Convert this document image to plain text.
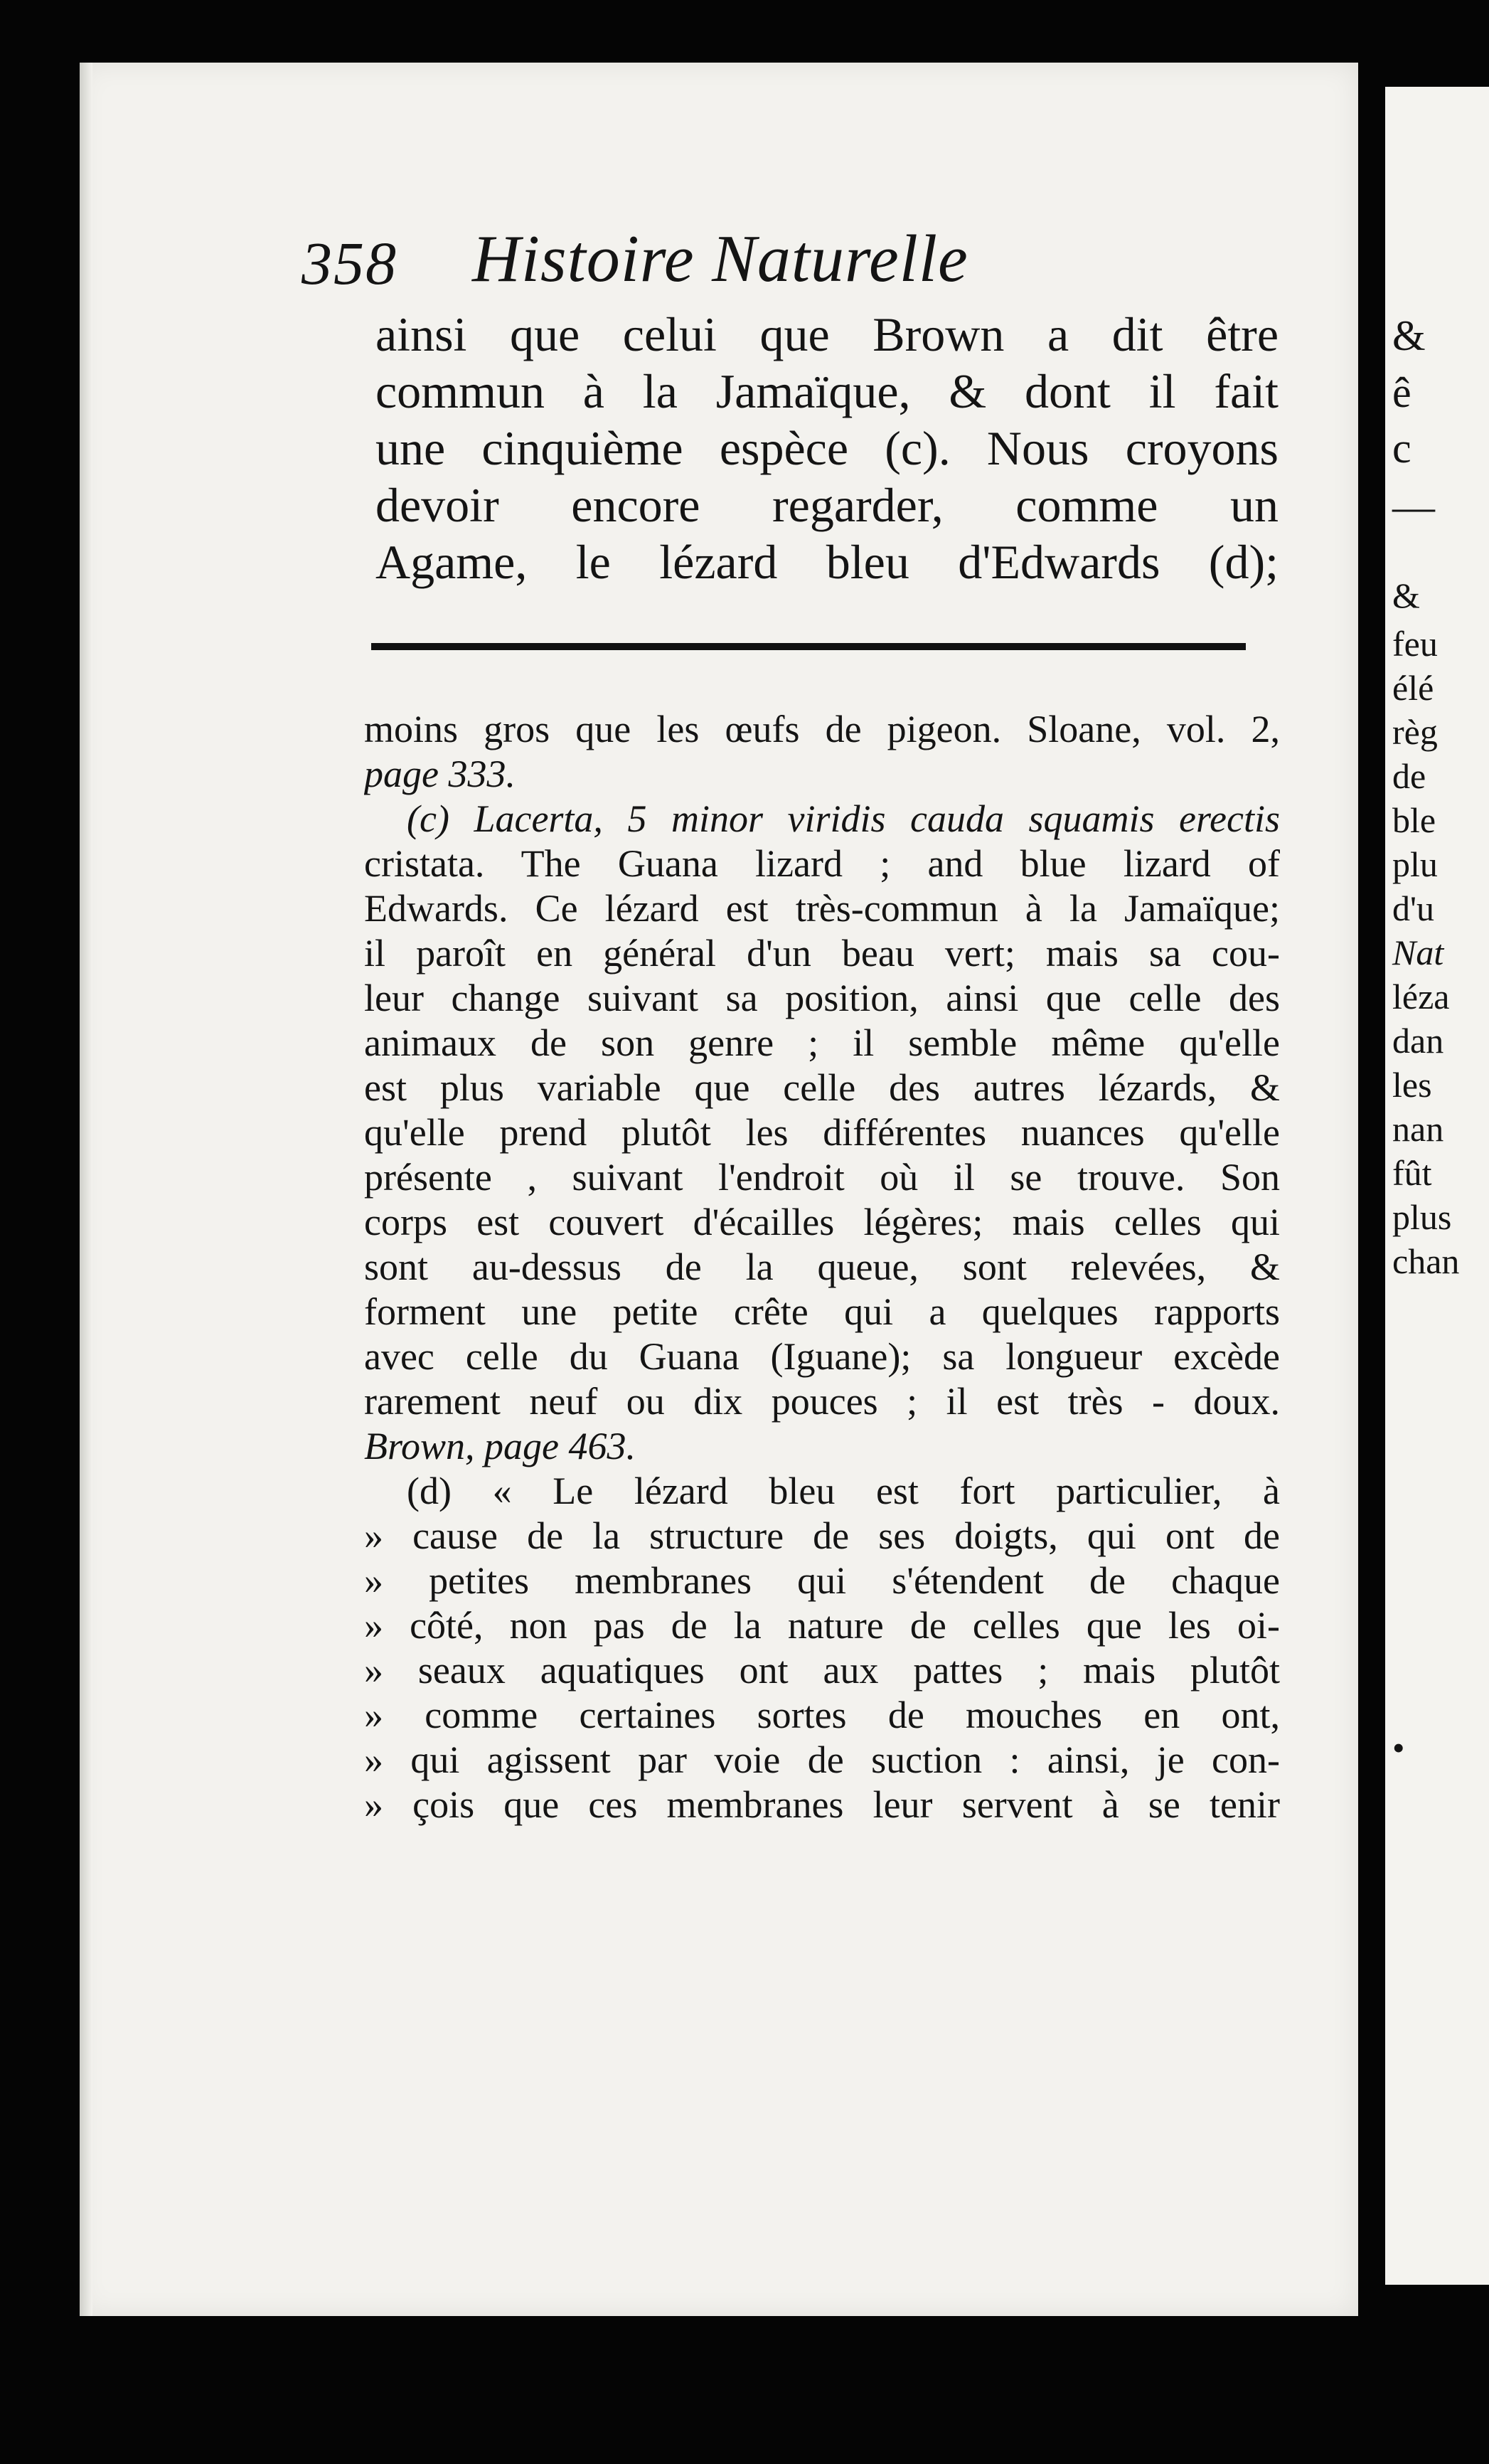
&
ê
c
—
&
feu
élé
règ
de
ble
plu
d'u
Nat
léza
dan
les
nan
fût
plus
chan
•
358 Histoire Naturelle
ainsi que celui que Brown a dit être
commun à la Jamaïque, & dont il fait
une cinquième espèce (c). Nous croyons
devoir encore regarder, comme un
Agame, le lézard bleu d'Edwards (d);
moins gros que les œufs de pigeon. Sloane, vol. 2,
page 333.
(c) Lacerta, 5 minor viridis cauda squamis erectis
cristata. The Guana lizard ; and blue lizard of
Edwards. Ce lézard est très-commun à la Jamaïque;
il paroît en général d'un beau vert; mais sa cou-
leur change suivant sa position, ainsi que celle des
animaux de son genre ; il semble même qu'elle
est plus variable que celle des autres lézards, &
qu'elle prend plutôt les différentes nuances qu'elle
présente , suivant l'endroit où il se trouve. Son
corps est couvert d'écailles légères; mais celles qui
sont au-dessus de la queue, sont relevées, &
forment une petite crête qui a quelques rapports
avec celle du Guana (Iguane); sa longueur excède
rarement neuf ou dix pouces ; il est très - doux.
Brown, page 463.
(d) « Le lézard bleu est fort particulier, à
» cause de la structure de ses doigts, qui ont de
» petites membranes qui s'étendent de chaque
» côté, non pas de la nature de celles que les oi-
» seaux aquatiques ont aux pattes ; mais plutôt
» comme certaines sortes de mouches en ont,
» qui agissent par voie de suction : ainsi, je con-
» çois que ces membranes leur servent à se tenir
